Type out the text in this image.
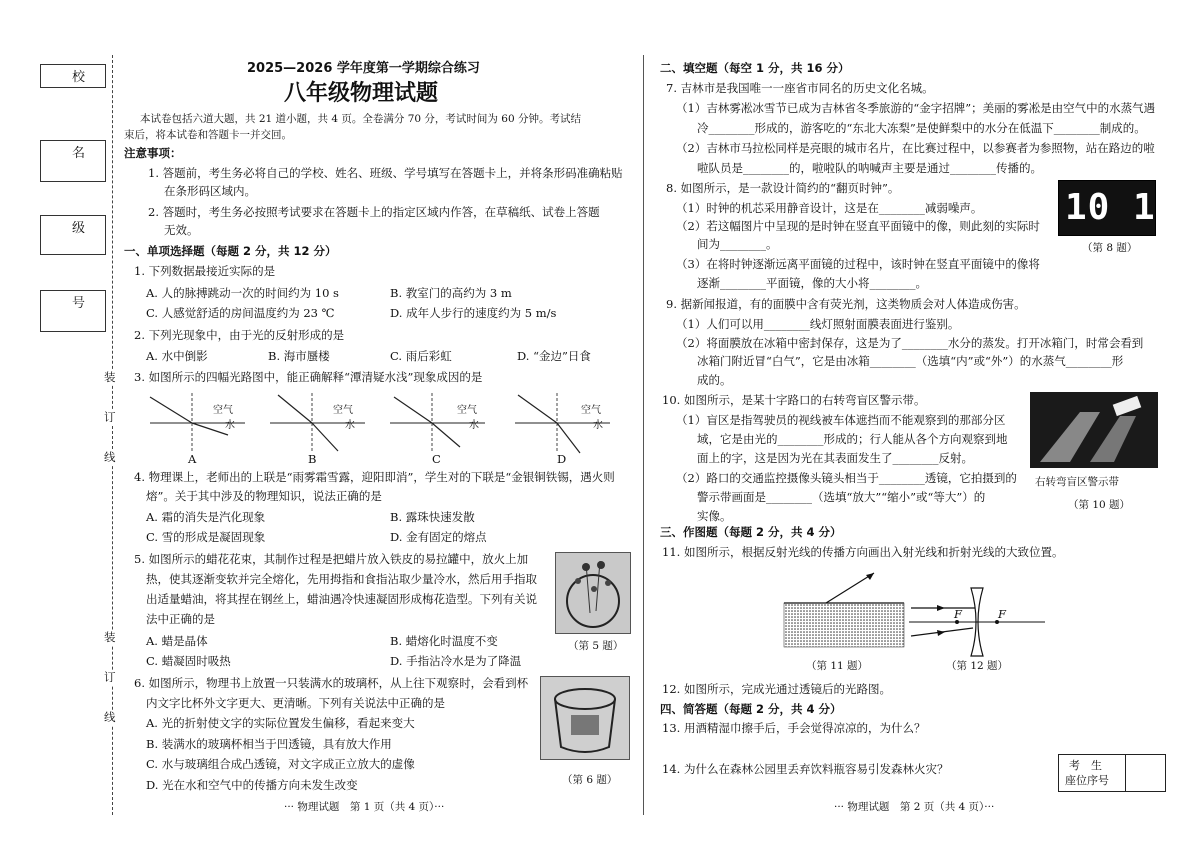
校
名
级
号
装
订
线
装
订
线
2025—2026 学年度第一学期综合练习
八年级物理试题
本试卷包括六道大题，共 21 道小题，共 4 页。全卷满分 70 分，考试时间为 60 分钟。考试结
束后，将本试卷和答题卡一并交回。
注意事项：
1. 答题前，考生务必将自己的学校、姓名、班级、学号填写在答题卡上，并将条形码准确粘贴
在条形码区域内。
2. 答题时，考生务必按照考试要求在答题卡上的指定区域内作答，在草稿纸、试卷上答题
无效。
一、单项选择题（每题 2 分，共 12 分）
1. 下列数据最接近实际的是
A. 人的脉搏跳动一次的时间约为 10 s	B. 教室门的高约为 3 m
C. 人感觉舒适的房间温度约为 23 ℃	D. 成年人步行的速度约为 5 m/s
2. 下列光现象中，由于光的反射形成的是
A. 水中倒影	B. 海市蜃楼	C. 雨后彩虹	D. “金边”日食
3. 如图所示的四幅光路图中，能正确解释“潭清疑水浅”现象成因的是
空气
水
空气
水
空气
水
空气
水
A	B	C	D
4. 物理课上，老师出的上联是“雨雾霜雪露，迎阳即消”，学生对的下联是“金银铜铁锡，遇火则
熔”。关于其中涉及的物理知识，说法正确的是
A. 霜的消失是汽化现象	B. 露珠快速发散
C. 雪的形成是凝固现象	D. 金有固定的熔点
5. 如图所示的蜡花花束，其制作过程是把蜡片放入铁皮的易拉罐中，放火上加
热，使其逐渐变软并完全熔化，先用拇指和食指沾取少量冷水，然后用手指取
出适量蜡油，将其捏在钢丝上，蜡油遇冷快速凝固形成梅花造型。下列有关说
法中正确的是
A. 蜡是晶体	B. 蜡熔化时温度不变
C. 蜡凝固时吸热	D. 手指沾冷水是为了降温
（第 5 题）
6. 如图所示，物理书上放置一只装满水的玻璃杯，从上往下观察时，会看到杯
内文字比杯外文字更大、更清晰。下列有关说法中正确的是
A. 光的折射使文字的实际位置发生偏移，看起来变大
B. 装满水的玻璃杯相当于凹透镜，具有放大作用
C. 水与玻璃组合成凸透镜，对文字成正立放大的虚像
D. 光在水和空气中的传播方向未发生改变	（第 6 题）
··· 物理试题　第 1 页（共 4 页）···
二、填空题（每空 1 分，共 16 分）
7. 吉林市是我国唯一一座省市同名的历史文化名城。
（1）吉林雾凇冰雪节已成为吉林省冬季旅游的“金字招牌”；美丽的雾凇是由空气中的水蒸气遇
冷________形成的，游客吃的“东北大冻梨”是使鲜梨中的水分在低温下________制成的。
（2）吉林市马拉松同样是亮眼的城市名片，在比赛过程中，以参赛者为参照物，站在路边的啦
啦队员是________的，啦啦队的呐喊声主要是通过________传播的。
8. 如图所示，是一款设计简约的“翻页时钟”。
（1）时钟的机芯采用静音设计，这是在________减弱噪声。
（2）若这幅图片中呈现的是时钟在竖直平面镜中的像，则此刻的实际时
间为________。
（3）在将时钟逐渐远离平面镜的过程中，该时钟在竖直平面镜中的像将
逐渐________平面镜，像的大小将________。
10 10
（第 8 题）
9. 据新闻报道，有的面膜中含有荧光剂，这类物质会对人体造成伤害。
（1）人们可以用________线灯照射面膜表面进行鉴别。
（2）将面膜放在冰箱中密封保存，这是为了________水分的蒸发。打开冰箱门，时常会看到
冰箱门附近冒“白气”，它是由冰箱________（选填“内”或“外”）的水蒸气________形
成的。
10. 如图所示，是某十字路口的右转弯盲区警示带。
（1）盲区是指驾驶员的视线被车体遮挡而不能观察到的那部分区
域，它是由光的________形成的；行人能从各个方向观察到地
面上的字，这是因为光在其表面发生了________反射。
（2）路口的交通监控摄像头镜头相当于________透镜，它拍摄到的
警示带画面是________（选填“放大”“缩小”或“等大”）的
实像。
右转弯盲区警示带
（第 10 题）
三、作图题（每题 2 分，共 4 分）
11. 如图所示，根据反射光线的传播方向画出入射光线和折射光线的大致位置。
（第 11 题）
F	F
（第 12 题）
12. 如图所示，完成光通过透镜后的光路图。
四、简答题（每题 2 分，共 4 分）
13. 用酒精湿巾擦手后，手会觉得凉凉的，为什么？
14. 为什么在森林公园里丢弃饮料瓶容易引发森林火灾？	考　生
座位序号
··· 物理试题　第 2 页（共 4 页）···
